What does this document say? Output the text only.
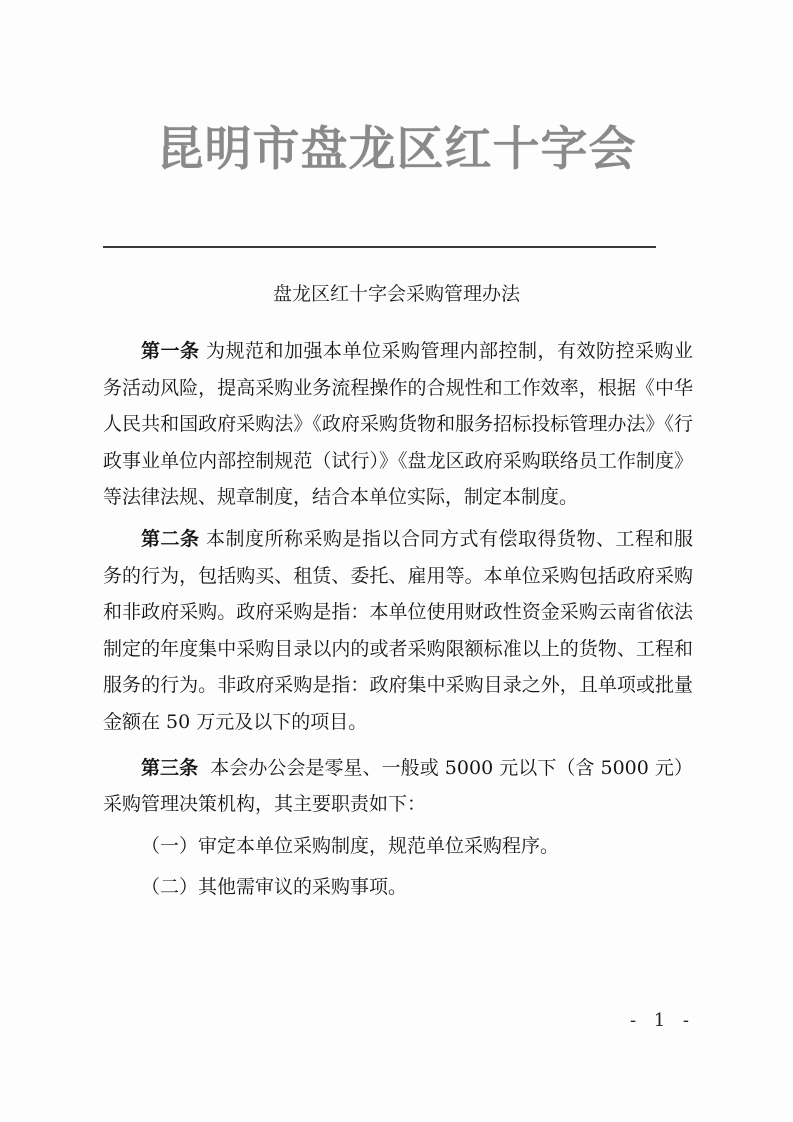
昆明市盘龙区红十字会
盘龙区红十字会采购管理办法

第一条 为规范和加强本单位采购管理内部控制，有效防控采购业务活动风险，提高采购业务流程操作的合规性和工作效率，根据《中华人民共和国政府采购法》《政府采购货物和服务招标投标管理办法》《行政事业单位内部控制规范（试行）》《盘龙区政府采购联络员工作制度》等法律法规、规章制度，结合本单位实际，制定本制度。

第二条 本制度所称采购是指以合同方式有偿取得货物、工程和服务的行为，包括购买、租赁、委托、雇用等。本单位采购包括政府采购和非政府采购。政府采购是指：本单位使用财政性资金采购云南省依法制定的年度集中采购目录以内的或者采购限额标准以上的货物、工程和服务的行为。非政府采购是指：政府集中采购目录之外，且单项或批量金额在 50 万元及以下的项目。

第三条 本会办公会是零星、一般或 5000 元以下（含 5000 元）采购管理决策机构，其主要职责如下：

（一）审定本单位采购制度，规范单位采购程序。

（二）其他需审议的采购事项。

- 1 -
